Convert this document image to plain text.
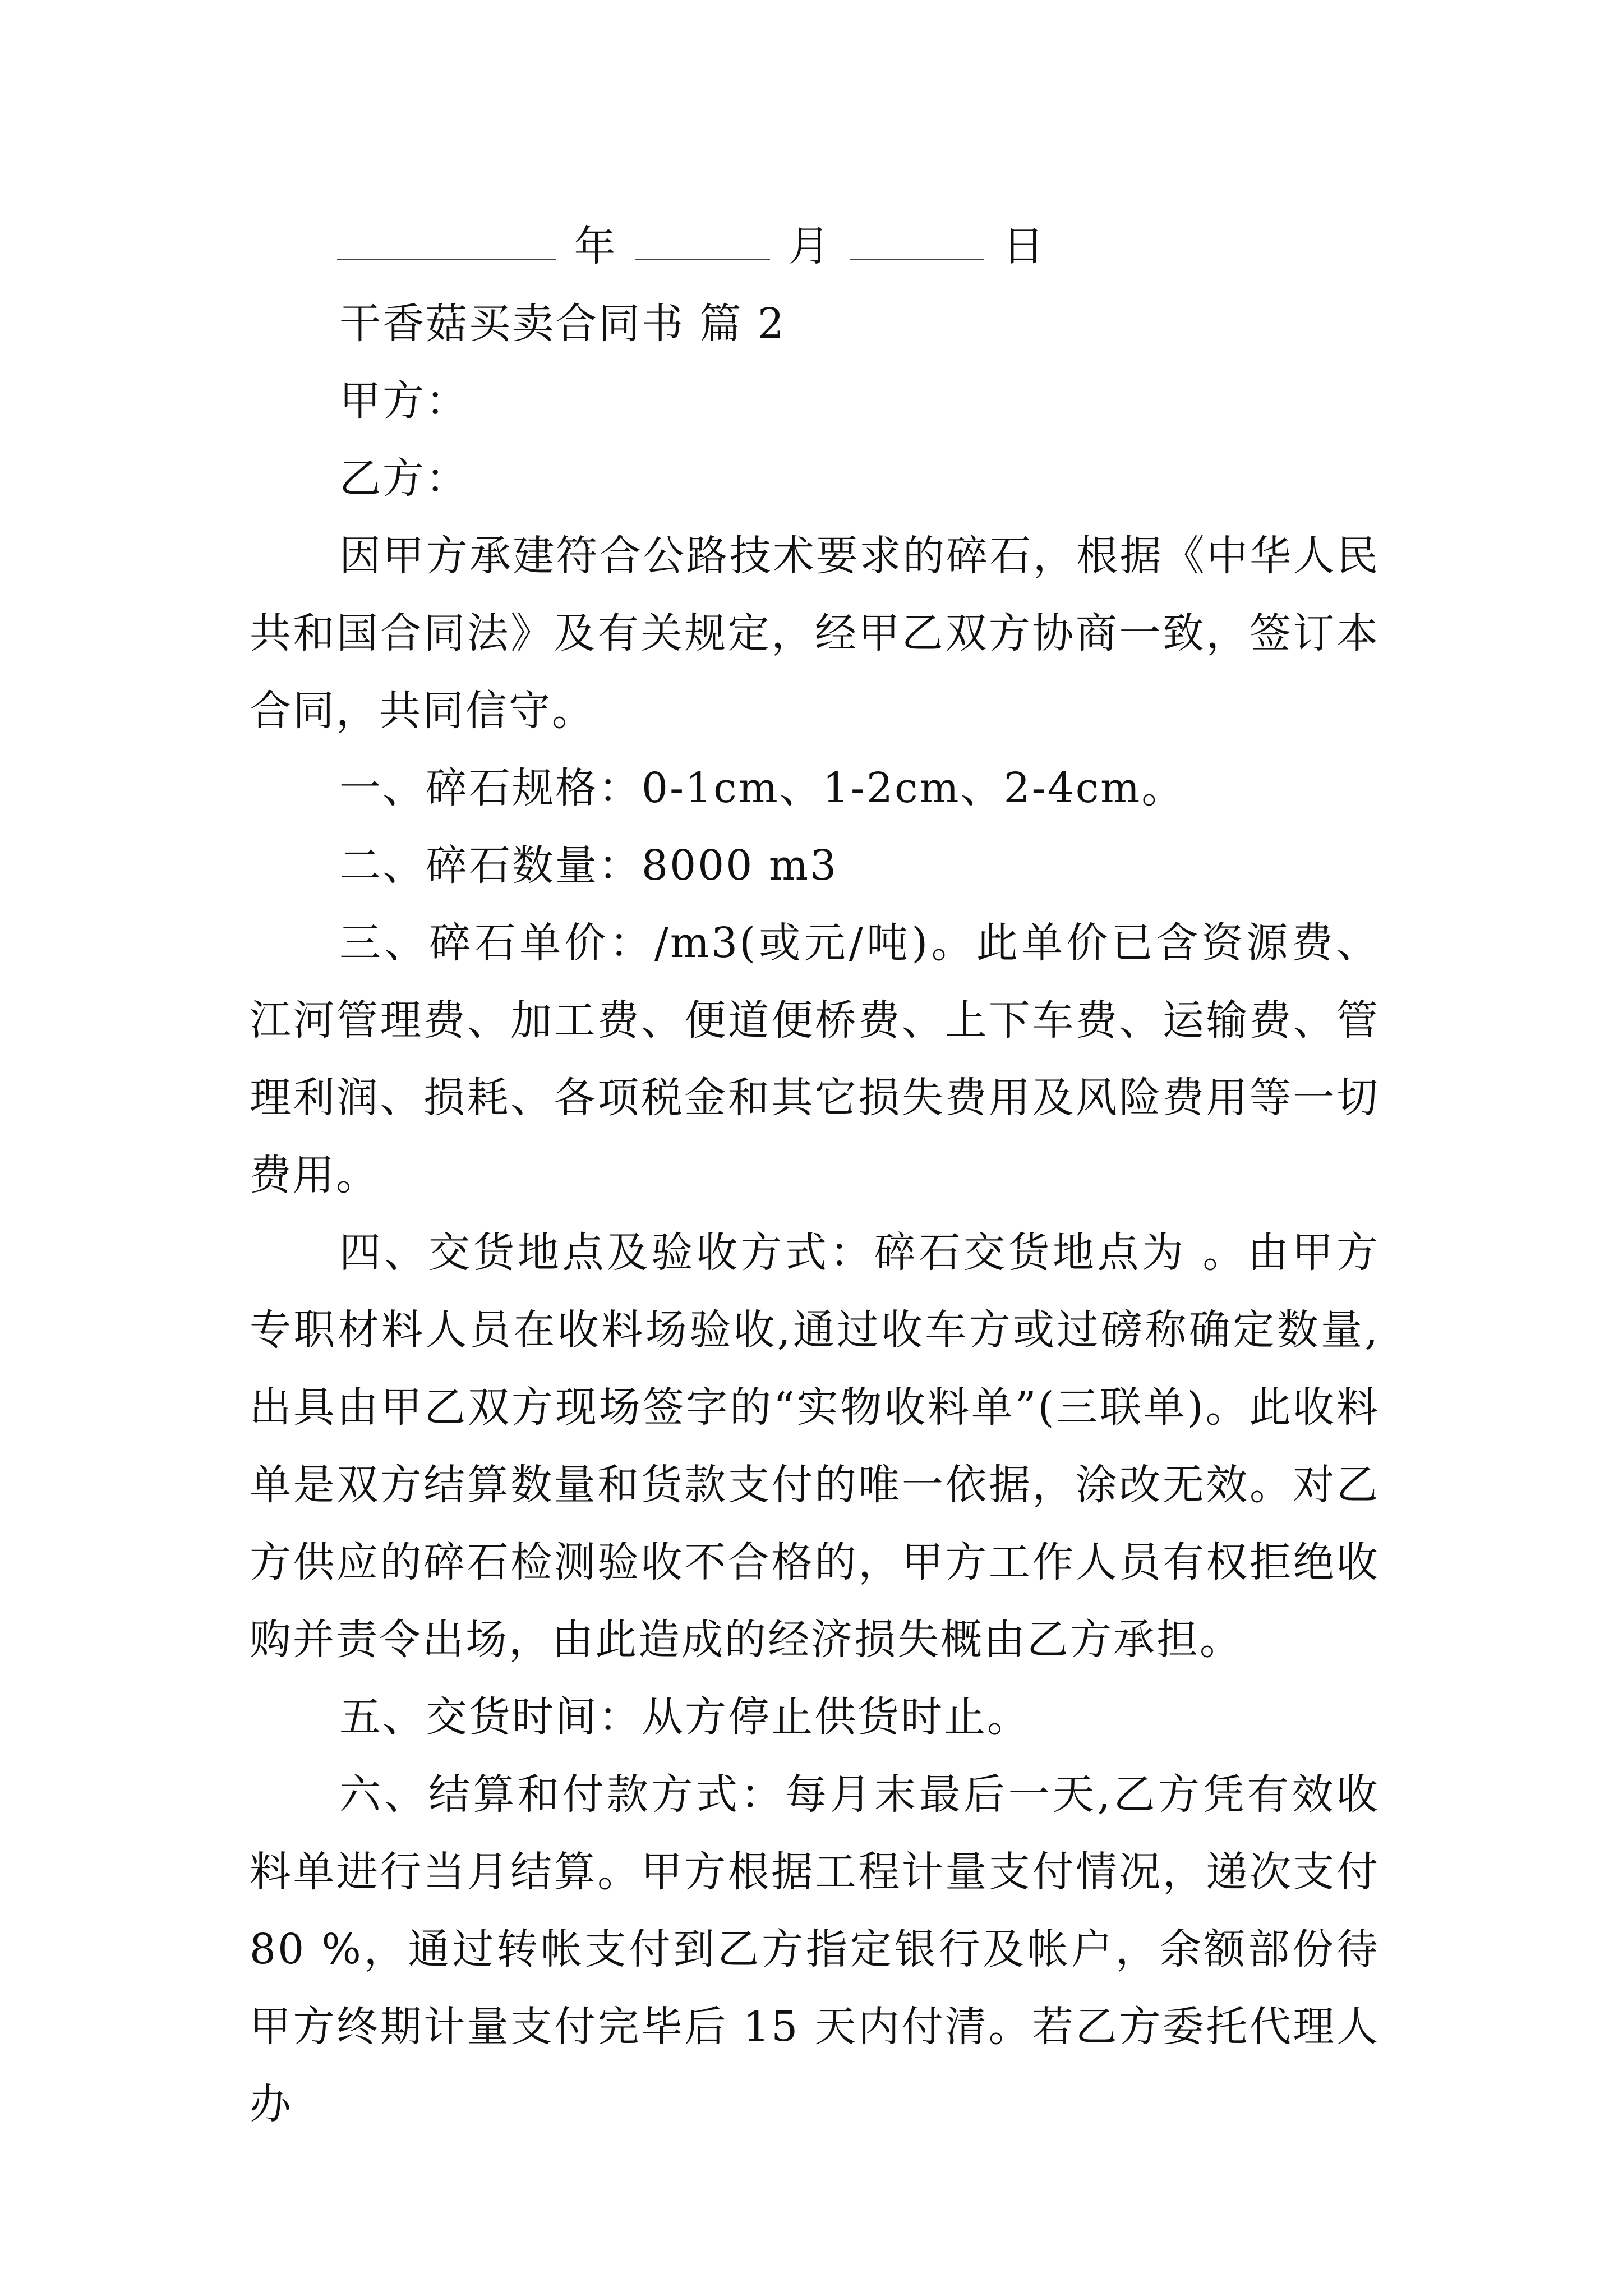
年	月	日
干香菇买卖合同书 篇 2
甲方：
乙方：

因甲方承建符合公路技术要求的碎石，根据《中华人民共和国合同法》及有关规定，经甲乙双方协商一致，签订本合同，共同信守。

一、碎石规格：0-1cm、1-2cm、2-4cm。

二、碎石数量：8000 m3

三、碎石单价：/m3(或元/吨)。此单价已含资源费、江河管理费、加工费、便道便桥费、上下车费、运输费、管理利润、损耗、各项税金和其它损失费用及风险费用等一切费用。

四、交货地点及验收方式：碎石交货地点为 。由甲方专职材料人员在收料场验收,通过收车方或过磅称确定数量,出具由甲乙双方现场签字的“实物收料单”(三联单)。此收料单是双方结算数量和货款支付的唯一依据，涂改无效。对乙方供应的碎石检测验收不合格的，甲方工作人员有权拒绝收购并责令出场，由此造成的经济损失概由乙方承担。

五、交货时间：从方停止供货时止。

六、结算和付款方式：每月末最后一天,乙方凭有效收料单进行当月结算。甲方根据工程计量支付情况，递次支付 80 %，通过转帐支付到乙方指定银行及帐户，余额部份待甲方终期计量支付完毕后 15 天内付清。若乙方委托代理人办
